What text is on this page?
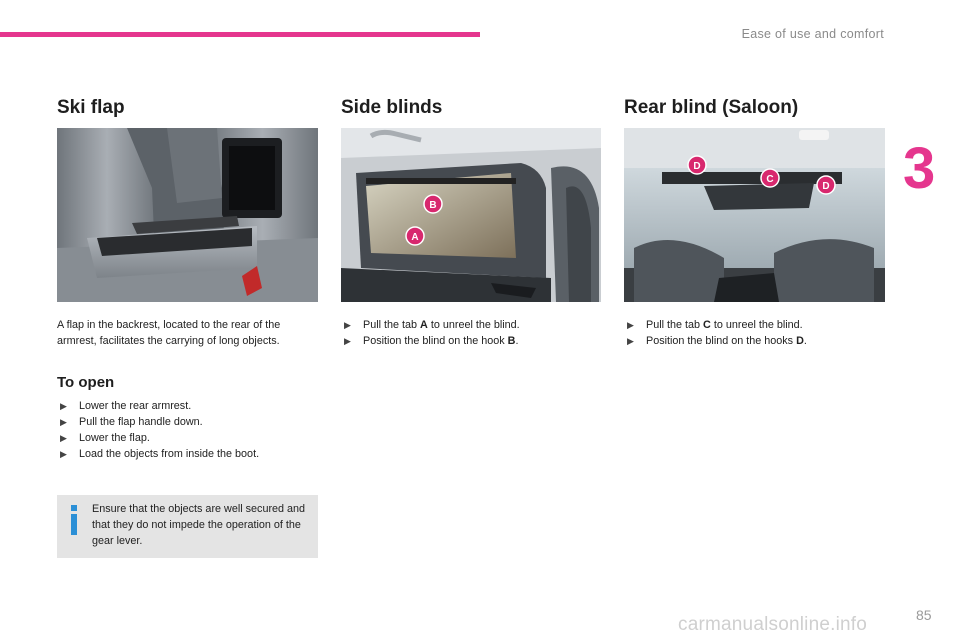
Ease of use and comfort
3
Ski flap
A flap in the backrest, located to the rear of the armrest, facilitates the carrying of long objects.
To open
▶ Lower the rear armrest.
▶ Pull the flap handle down.
▶ Lower the flap.
▶ Load the objects from inside the boot.
Ensure that the objects are well secured and that they do not impede the operation of the gear lever.
Side blinds
B
A
▶ Pull the tab A to unreel the blind.
▶ Position the blind on the hook B.
Rear blind (Saloon)
D
C
D
▶ Pull the tab C to unreel the blind.
▶ Position the blind on the hooks D.
carmanualsonline.info	85
